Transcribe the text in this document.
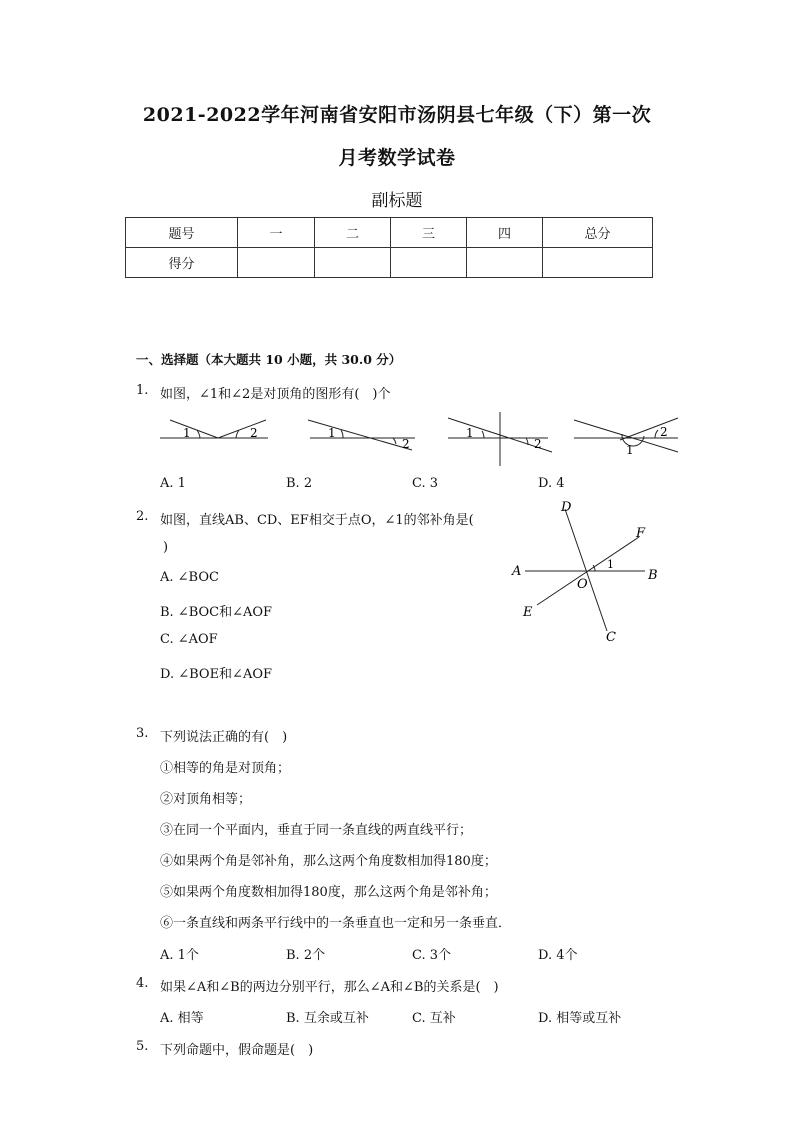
2021-2022学年河南省安阳市汤阴县七年级（下）第一次
月考数学试卷
副标题
题号	一	二	三	四	总分
得分					
一、选择题（本大题共 10 小题，共 30.0 分）
1. 如图，∠1和∠2是对顶角的图形有(　)个
1	2	1
2
1
2	1
2
A. 1	B. 2	C. 3	D. 4
2. 如图，直线AB、CD、EF相交于点O，∠1的邻补角是(
)
A. ∠BOC
B. ∠BOC和∠AOF
C. ∠AOF
D. ∠BOE和∠AOF
D
F
A	B
O
1
E
C
3. 下列说法正确的有(　)
①相等的角是对顶角；
②对顶角相等；
③在同一个平面内，垂直于同一条直线的两直线平行；
④如果两个角是邻补角，那么这两个角度数相加得180度；
⑤如果两个角度数相加得180度，那么这两个角是邻补角；
⑥一条直线和两条平行线中的一条垂直也一定和另一条垂直．
A. 1个	B. 2个	C. 3个	D. 4个
4. 如果∠A和∠B的两边分别平行，那么∠A和∠B的关系是(　)
A. 相等	B. 互余或互补	C. 互补	D. 相等或互补
5. 下列命题中，假命题是(　)
